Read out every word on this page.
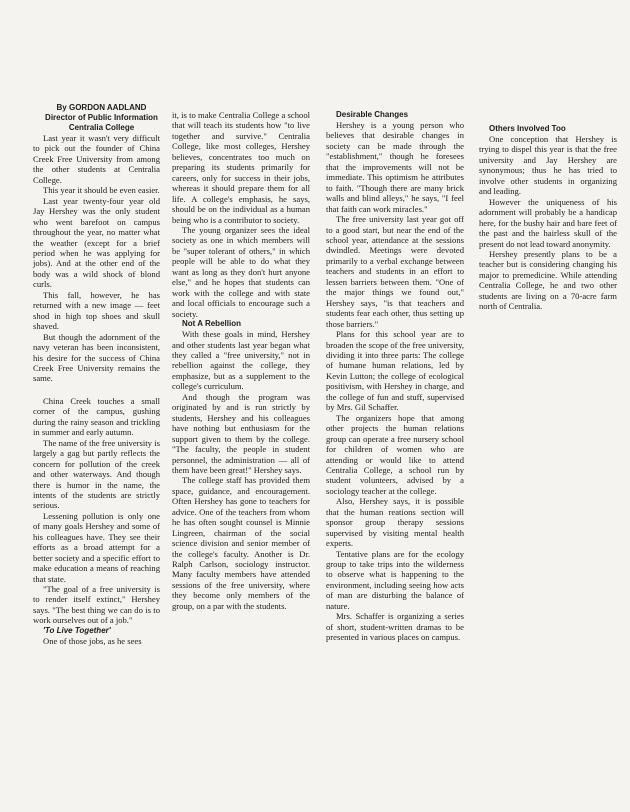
By GORDON AADLAND

Director of Public Information

Centralia College

Last year it wasn't very difficult to pick out the founder of China Creek Free University from among the other students at Centralia College.

This year it should be even easier.

Last year twenty-four year old Jay Hershey was the only student who went barefoot on campus throughout the year, no matter what the weather (except for a brief period when he was applying for jobs). And at the other end of the body was a wild shock of blond curls.

This fall, however, he has returned with a new image — feet shod in high top shoes and skull shaved.

But though the adornment of the navy veteran has been inconsistent, his desire for the success of China Creek Free University remains the same.

China Creek touches a small corner of the campus, gushing during the rainy season and trickling in summer and early autumn.

The name of the free university is largely a gag but partly reflects the concern for pollution of the creek and other waterways. And though there is humor in the name, the intents of the students are strictly serious.

Lessening pollution is only one of many goals Hershey and some of his colleagues have. They see their efforts as a broad attempt for a better society and a specific effort to make education a means of reaching that state.

"The goal of a free university is to render itself extinct," Hershey says. "The best thing we can do is to work ourselves out of a job."

'To Live Together'

One of those jobs, as he sees

it, is to make Centralia College a school that will teach its students how "to live together and survive." Centralia College, like most colleges, Hershey believes, concentrates too much on preparing its students primarily for careers, only for success in their jobs, whereas it should prepare them for all life. A college's emphasis, he says, should be on the individual as a human being who is a contributor to society.

The young organizer sees the ideal society as one in which members will be "super tolerant of others," in which people will be able to do what they want as long as they don't hurt anyone else," and he hopes that students can work with the college and with state and local officials to encourage such a society.

Not A Rebellion

With these goals in mind, Hershey and other students last year began what they called a "free university," not in rebellion against the college, they emphasize, but as a supplement to the college's curriculum.

And though the program was originated by and is run strictly by students, Hershey and his colleagues have nothing but enthusiasm for the support given to them by the college. "The faculty, the people in student personnel, the administration — all of them have been great!" Hershey says.

The college staff has provided them space, guidance, and encouragement. Often Hershey has gone to teachers for advice. One of the teachers from whom he has often sought counsel is Minnie Lingreen, chairman of the social science division and senior member of the college's faculty. Another is Dr. Ralph Carlson, sociology instructor. Many faculty members have attended sessions of the free university, where they become only members of the group, on a par with the students.

Desirable Changes

Hershey is a young person who believes that desirable changes in society can be made through the "establishment," though he foresees that the improvements will not be immediate. This optimism he attributes to faith. "Though there are many brick walls and blind alleys," he says, "I feel that faith can work miracles."

The free university last year got off to a good start, but near the end of the school year, attendance at the sessions dwindled. Meetings were devoted primarily to a verbal exchange between teachers and students in an effort to lessen barriers between them. "One of the major things we found out," Hershey says, "is that teachers and students fear each other, thus setting up those barriers."

Plans for this school year are to broaden the scope of the free university, dividing it into three parts: The college of humane human relations, led by Kevin Lutton; the college of ecological positivism, with Hershey in charge, and the college of fun and stuff, supervised by Mrs. Gil Schaffer.

The organizers hope that among other projects the human relations group can operate a free nursery school for children of women who are attending or would like to attend Centralia College, a school run by student volunteers, advised by a sociology teacher at the college.

Also, Hershey says, it is possible that the human reations section will sponsor group therapy sessions supervised by visiting mental health experts.

Tentative plans are for the ecology group to take trips into the wilderness to observe what is happening to the environment, including seeing how acts of man are disturbing the balance of nature.

Mrs. Schaffer is organizing a series of short, student-written dramas to be presented in various places on campus.

Others Involved Too

One conception that Hershey is trying to dispel this year is that the free university and Jay Hershey are synonymous; thus he has tried to involve other students in organizing and leading.

However the uniqueness of his adornment will probably be a handicap here, for the bushy hair and bare feet of the past and the hairless skull of the present do not lead toward anonymity.

Hershey presently plans to be a teacher but is considering changing his major to premedicine. While attending Centralia College, he and two other students are living on a 70-acre farm north of Centralia.
